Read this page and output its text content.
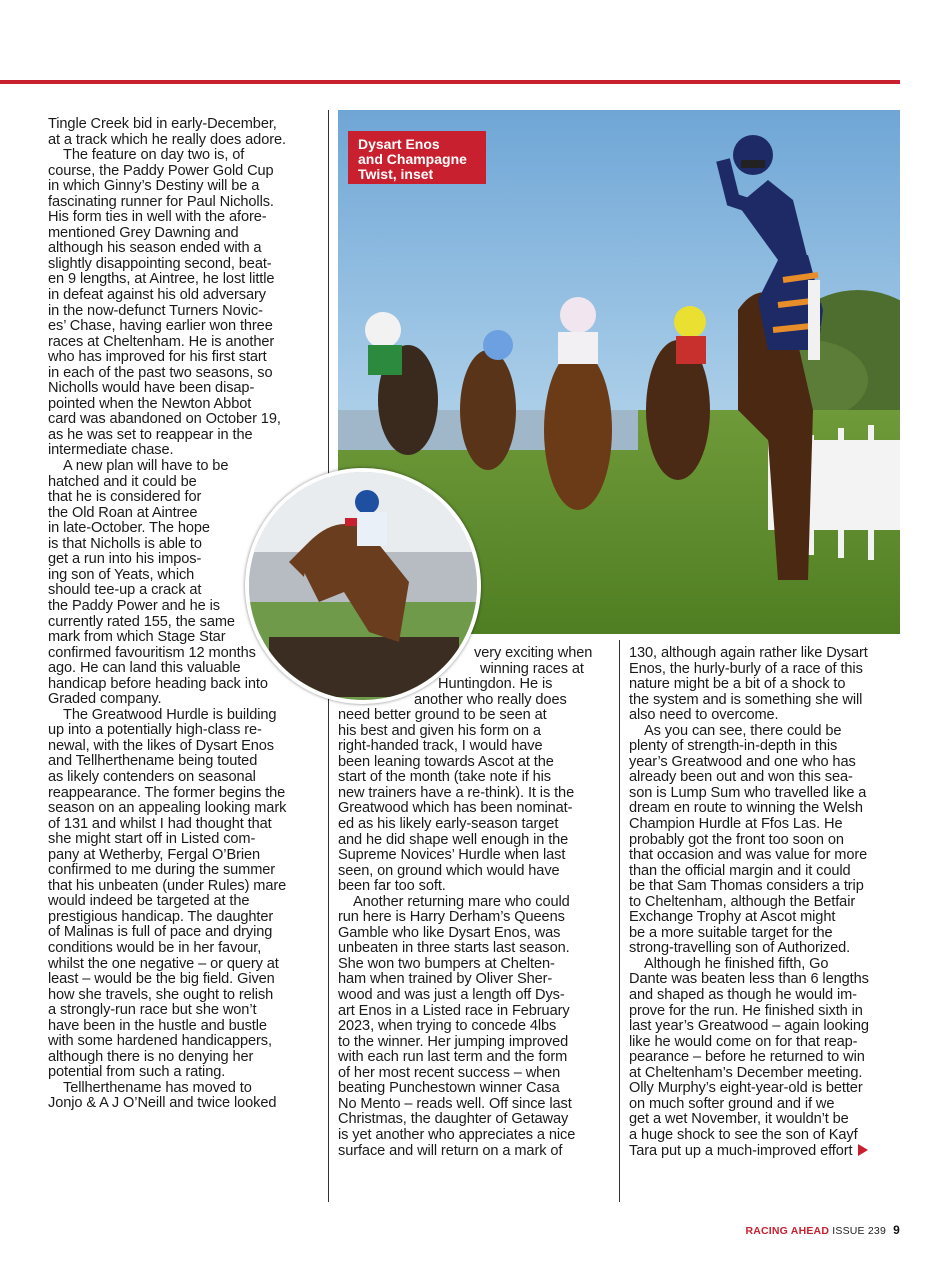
Dysart Enos
and Champagne
Twist, inset

Tingle Creek bid in early-December,
at a track which he really does adore.

The feature on day two is, of
course, the Paddy Power Gold Cup
in which Ginny’s Destiny will be a
fascinating runner for Paul Nicholls.
His form ties in well with the afore-
mentioned Grey Dawning and
although his season ended with a
slightly disappointing second, beat-
en 9 lengths, at Aintree, he lost little
in defeat against his old adversary
in the now-defunct Turners Novic-
es’ Chase, having earlier won three
races at Cheltenham. He is another
who has improved for his first start
in each of the past two seasons, so
Nicholls would have been disap-
pointed when the Newton Abbot
card was abandoned on October 19,
as he was set to reappear in the
intermediate chase.

A new plan will have to be
hatched and it could be
that he is considered for
the Old Roan at Aintree
in late-October. The hope
is that Nicholls is able to
get a run into his impos-
ing son of Yeats, which
should tee-up a crack at
the Paddy Power and he is
currently rated 155, the same
mark from which Stage Star
confirmed favouritism 12 months
ago. He can land this valuable
handicap before heading back into
Graded company.

The Greatwood Hurdle is building
up into a potentially high-class re-
newal, with the likes of Dysart Enos
and Tellherthename being touted
as likely contenders on seasonal
reappearance. The former begins the
season on an appealing looking mark
of 131 and whilst I had thought that
she might start off in Listed com-
pany at Wetherby, Fergal O’Brien
confirmed to me during the summer
that his unbeaten (under Rules) mare
would indeed be targeted at the
prestigious handicap. The daughter
of Malinas is full of pace and drying
conditions would be in her favour,
whilst the one negative – or query at
least – would be the big field. Given
how she travels, she ought to relish
a strongly-run race but she won’t
have been in the hustle and bustle
with some hardened handicappers,
although there is no denying her
potential from such a rating.

Tellherthename has moved to
Jonjo & A J O’Neill and twice looked

very exciting when
winning races at
Huntingdon. He is
another who really does
need better ground to be seen at
his best and given his form on a
right-handed track, I would have
been leaning towards Ascot at the
start of the month (take note if his
new trainers have a re-think). It is the
Greatwood which has been nominat-
ed as his likely early-season target
and he did shape well enough in the
Supreme Novices’ Hurdle when last
seen, on ground which would have
been far too soft.

Another returning mare who could
run here is Harry Derham’s Queens
Gamble who like Dysart Enos, was
unbeaten in three starts last season.
She won two bumpers at Chelten-
ham when trained by Oliver Sher-
wood and was just a length off Dys-
art Enos in a Listed race in February
2023, when trying to concede 4lbs
to the winner. Her jumping improved
with each run last term and the form
of her most recent success – when
beating Punchestown winner Casa
No Mento – reads well. Off since last
Christmas, the daughter of Getaway
is yet another who appreciates a nice
surface and will return on a mark of

130, although again rather like Dysart
Enos, the hurly-burly of a race of this
nature might be a bit of a shock to
the system and is something she will
also need to overcome.

As you can see, there could be
plenty of strength-in-depth in this
year’s Greatwood and one who has
already been out and won this sea-
son is Lump Sum who travelled like a
dream en route to winning the Welsh
Champion Hurdle at Ffos Las. He
probably got the front too soon on
that occasion and was value for more
than the official margin and it could
be that Sam Thomas considers a trip
to Cheltenham, although the Betfair
Exchange Trophy at Ascot might
be a more suitable target for the
strong-travelling son of Authorized.

Although he finished fifth, Go
Dante was beaten less than 6 lengths
and shaped as though he would im-
prove for the run. He finished sixth in
last year’s Greatwood – again looking
like he would come on for that reap-
pearance – before he returned to win
at Cheltenham’s December meeting.
Olly Murphy’s eight-year-old is better
on much softer ground and if we
get a wet November, it wouldn’t be
a huge shock to see the son of Kayf
Tara put up a much-improved effort

RACING AHEAD ISSUE 239 9
